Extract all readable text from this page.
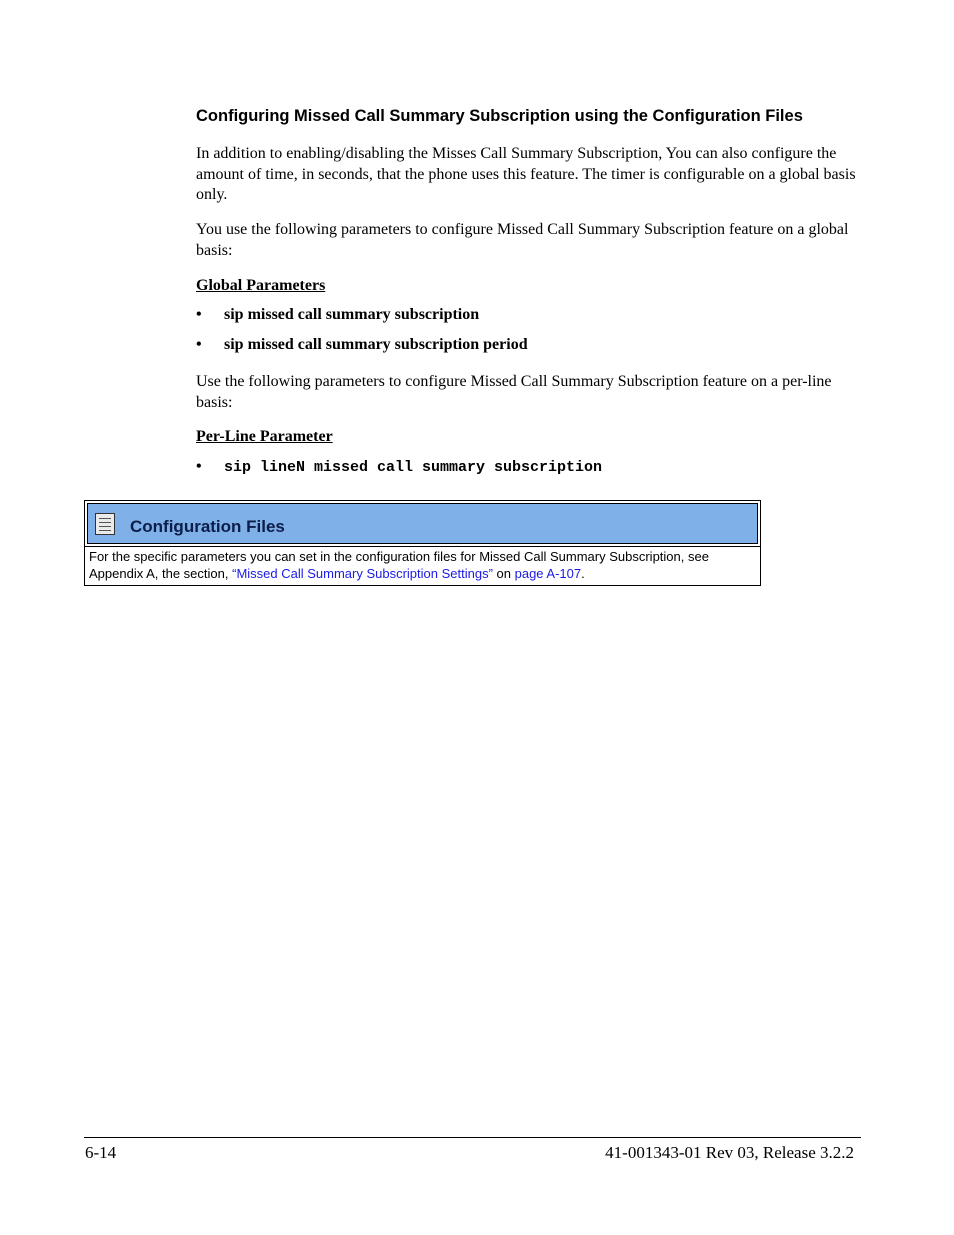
Configuring Missed Call Summary Subscription using the Configuration Files

In addition to enabling/disabling the Misses Call Summary Subscription, You can also configure the amount of time, in seconds, that the phone uses this feature. The timer is configurable on a global basis only.

You use the following parameters to configure Missed Call Summary Subscription feature on a global basis:

Global Parameters
• sip missed call summary subscription
• sip missed call summary subscription period

Use the following parameters to configure Missed Call Summary Subscription feature on a per-line basis:

Per-Line Parameter
• sip lineN missed call summary subscription
Configuration Files
For the specific parameters you can set in the configuration files for Missed Call Summary Subscription, see Appendix A, the section, “Missed Call Summary Subscription Settings” on page A-107.
6-14	41-001343-01 Rev 03, Release 3.2.2
